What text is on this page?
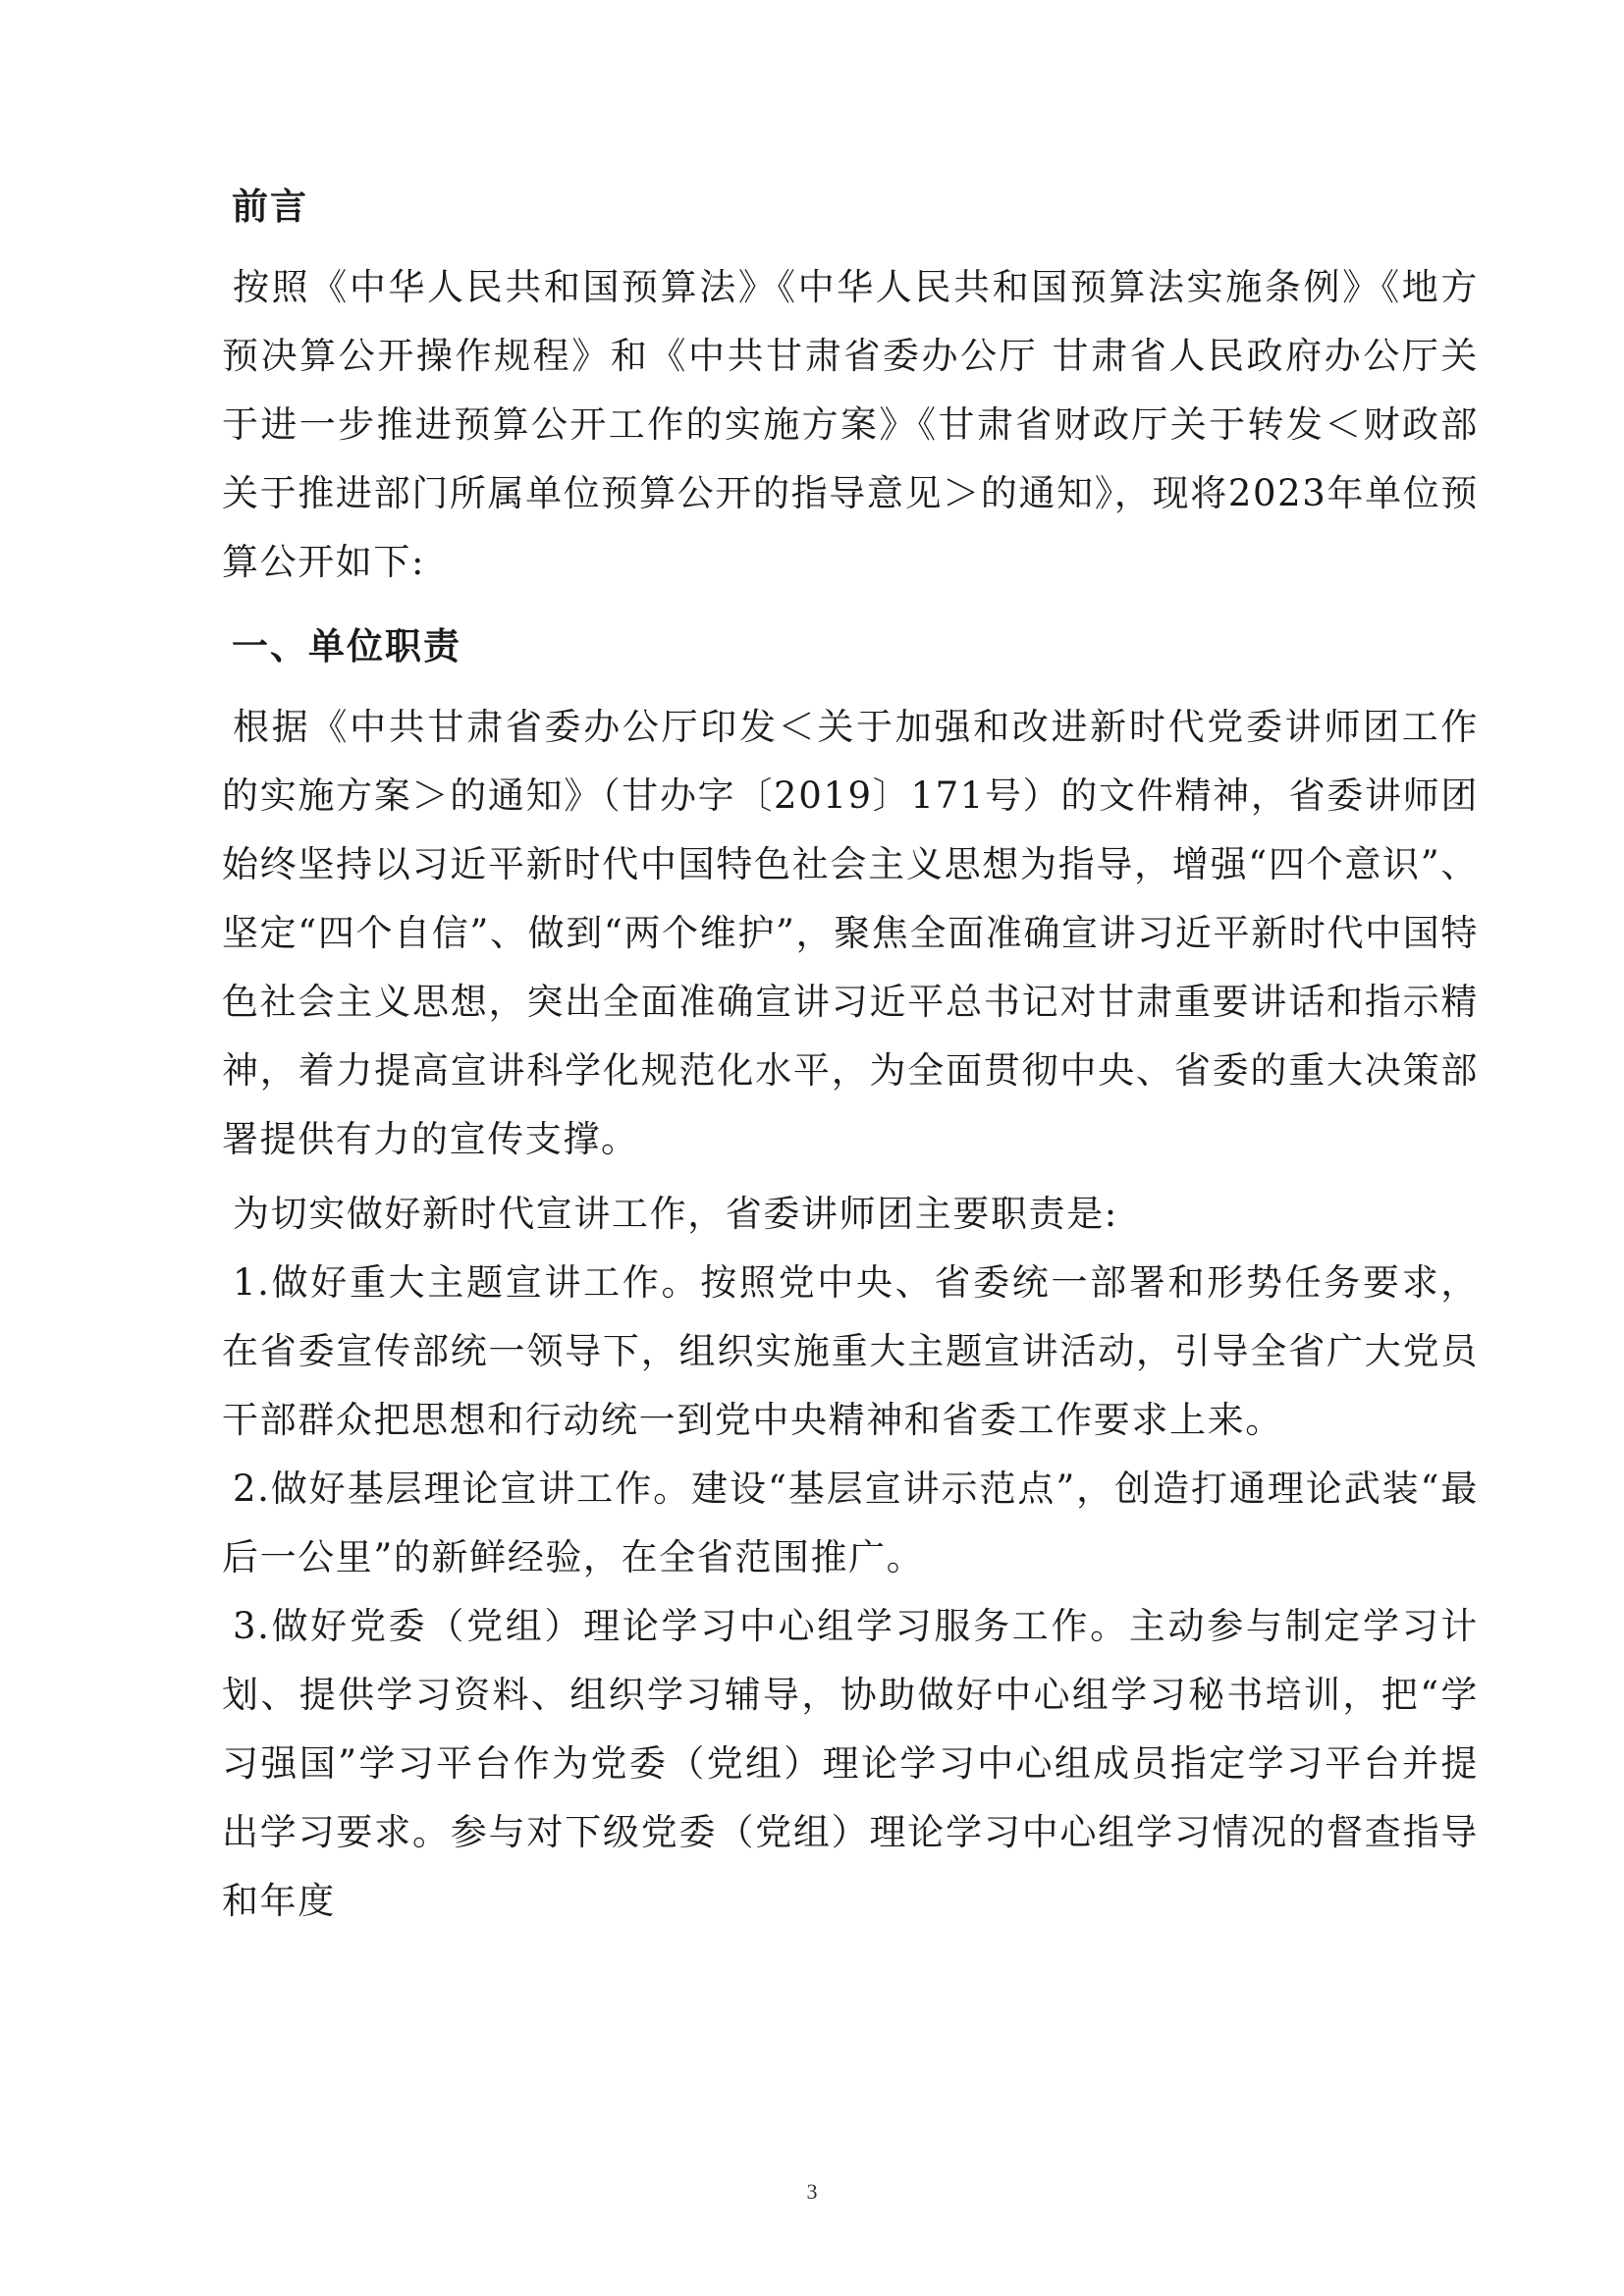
前言

按照《中华人民共和国预算法》《中华人民共和国预算法实施条例》《地方预决算公开操作规程》和《中共甘肃省委办公厅 甘肃省人民政府办公厅关于进一步推进预算公开工作的实施方案》《甘肃省财政厅关于转发＜财政部关于推进部门所属单位预算公开的指导意见＞的通知》，现将2023年单位预算公开如下:

一、单位职责

根据《中共甘肃省委办公厅印发＜关于加强和改进新时代党委讲师团工作的实施方案＞的通知》（甘办字〔2019〕171号）的文件精神，省委讲师团始终坚持以习近平新时代中国特色社会主义思想为指导，增强“四个意识”、坚定“四个自信”、做到“两个维护”，聚焦全面准确宣讲习近平新时代中国特色社会主义思想，突出全面准确宣讲习近平总书记对甘肃重要讲话和指示精神，着力提高宣讲科学化规范化水平，为全面贯彻中央、省委的重大决策部署提供有力的宣传支撑。

为切实做好新时代宣讲工作，省委讲师团主要职责是:

1.做好重大主题宣讲工作。按照党中央、省委统一部署和形势任务要求，在省委宣传部统一领导下，组织实施重大主题宣讲活动，引导全省广大党员干部群众把思想和行动统一到党中央精神和省委工作要求上来。

2.做好基层理论宣讲工作。建设“基层宣讲示范点”，创造打通理论武装“最后一公里”的新鲜经验，在全省范围推广。

3.做好党委（党组）理论学习中心组学习服务工作。主动参与制定学习计划、提供学习资料、组织学习辅导，协助做好中心组学习秘书培训，把“学习强国”学习平台作为党委（党组）理论学习中心组成员指定学习平台并提出学习要求。参与对下级党委（党组）理论学习中心组学习情况的督查指导和年度

3
